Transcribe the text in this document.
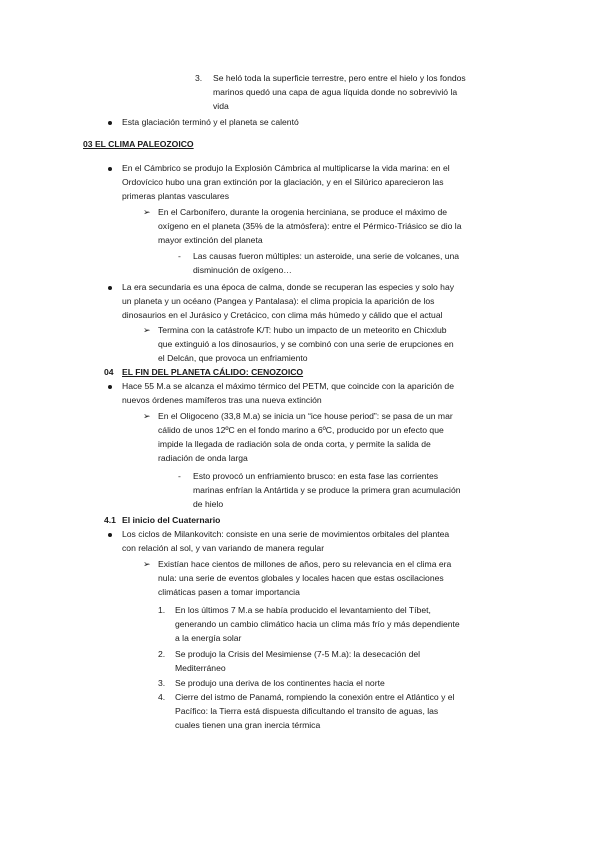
3. Se heló toda la superficie terrestre, pero entre el hielo y los fondos
marinos quedó una capa de agua líquida donde no sobrevivió la
vida
Esta glaciación terminó y el planeta se calentó
03 EL CLIMA PALEOZOICO
En el Cámbrico se produjo la Explosión Cámbrica al multiplicarse la vida marina: en el
Ordovícico hubo una gran extinción por la glaciación, y en el Silúrico aparecieron las
primeras plantas vasculares
➢ En el Carbonífero, durante la orogenia herciniana, se produce el máximo de
oxígeno en el planeta (35% de la atmósfera): entre el Pérmico-Triásico se dio la
mayor extinción del planeta
- Las causas fueron múltiples: un asteroide, una serie de volcanes, una
disminución de oxígeno…
La era secundaria es una época de calma, donde se recuperan las especies y solo hay
un planeta y un océano (Pangea y Pantalasa): el clima propicia la aparición de los
dinosaurios en el Jurásico y Cretácico, con clima más húmedo y cálido que el actual
➢ Termina con la catástrofe K/T: hubo un impacto de un meteorito en Chicxlub
que extinguió a los dinosaurios, y se combinó con una serie de erupciones en
el Delcán, que provoca un enfriamiento
04 EL FIN DEL PLANETA CÁLIDO: CENOZOICO
Hace 55 M.a se alcanza el máximo térmico del PETM, que coincide con la aparición de
nuevos órdenes mamíferos tras una nueva extinción
➢ En el Oligoceno (33,8 M.a) se inicia un “ice house period”: se pasa de un mar
cálido de unos 12ºC en el fondo marino a 6ºC, producido por un efecto que
impide la llegada de radiación sola de onda corta, y permite la salida de
radiación de onda larga
- Esto provocó un enfriamiento brusco: en esta fase las corrientes
marinas enfrían la Antártida y se produce la primera gran acumulación
de hielo
4.1 El inicio del Cuaternario
Los ciclos de Milankovitch: consiste en una serie de movimientos orbitales del plantea
con relación al sol, y van variando de manera regular
➢ Existían hace cientos de millones de años, pero su relevancia en el clima era
nula: una serie de eventos globales y locales hacen que estas oscilaciones
climáticas pasen a tomar importancia
1. En los últimos 7 M.a se había producido el levantamiento del Tíbet,
generando un cambio climático hacia un clima más frío y más dependiente
a la energía solar
2. Se produjo la Crisis del Mesimiense (7-5 M.a): la desecación del
Mediterráneo
3. Se produjo una deriva de los continentes hacia el norte
4. Cierre del istmo de Panamá, rompiendo la conexión entre el Atlántico y el
Pacífico: la Tierra está dispuesta dificultando el transito de aguas, las
cuales tienen una gran inercia térmica
